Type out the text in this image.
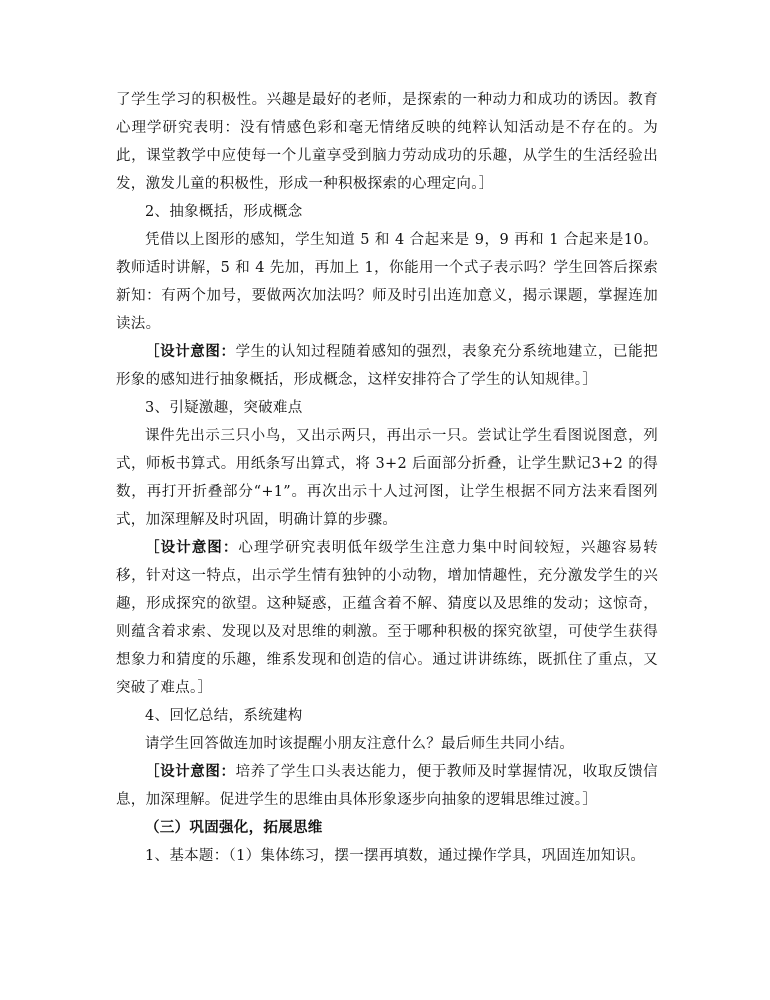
了学生学习的积极性。兴趣是最好的老师，是探索的一种动力和成功的诱因。教育心理学研究表明：没有情感色彩和毫无情绪反映的纯粹认知活动是不存在的。为此，课堂教学中应使每一个儿童享受到脑力劳动成功的乐趣，从学生的生活经验出发，激发儿童的积极性，形成一种积极探索的心理定向。］

2、抽象概括，形成概念

凭借以上图形的感知，学生知道 5 和 4 合起来是 9，9 再和 1 合起来是10。教师适时讲解，5 和 4 先加，再加上 1，你能用一个式子表示吗？学生回答后探索新知：有两个加号，要做两次加法吗？师及时引出连加意义，揭示课题，掌握连加读法。

［设计意图：学生的认知过程随着感知的强烈，表象充分系统地建立，已能把形象的感知进行抽象概括，形成概念，这样安排符合了学生的认知规律。］

3、引疑激趣，突破难点

课件先出示三只小鸟，又出示两只，再出示一只。尝试让学生看图说图意，列式，师板书算式。用纸条写出算式，将 3+2 后面部分折叠，让学生默记3+2 的得数，再打开折叠部分“+1”。再次出示十人过河图，让学生根据不同方法来看图列式，加深理解及时巩固，明确计算的步骤。

［设计意图：心理学研究表明低年级学生注意力集中时间较短，兴趣容易转移，针对这一特点，出示学生情有独钟的小动物，增加情趣性，充分激发学生的兴趣，形成探究的欲望。这种疑惑，正蕴含着不解、猜度以及思维的发动；这惊奇，则蕴含着求索、发现以及对思维的刺激。至于哪种积极的探究欲望，可使学生获得想象力和猜度的乐趣，维系发现和创造的信心。通过讲讲练练，既抓住了重点，又突破了难点。］

4、回忆总结，系统建构

请学生回答做连加时该提醒小朋友注意什么？最后师生共同小结。

［设计意图：培养了学生口头表达能力，便于教师及时掌握情况，收取反馈信息，加深理解。促进学生的思维由具体形象逐步向抽象的逻辑思维过渡。］

（三）巩固强化，拓展思维

1、基本题：（1）集体练习，摆一摆再填数，通过操作学具，巩固连加知识。
